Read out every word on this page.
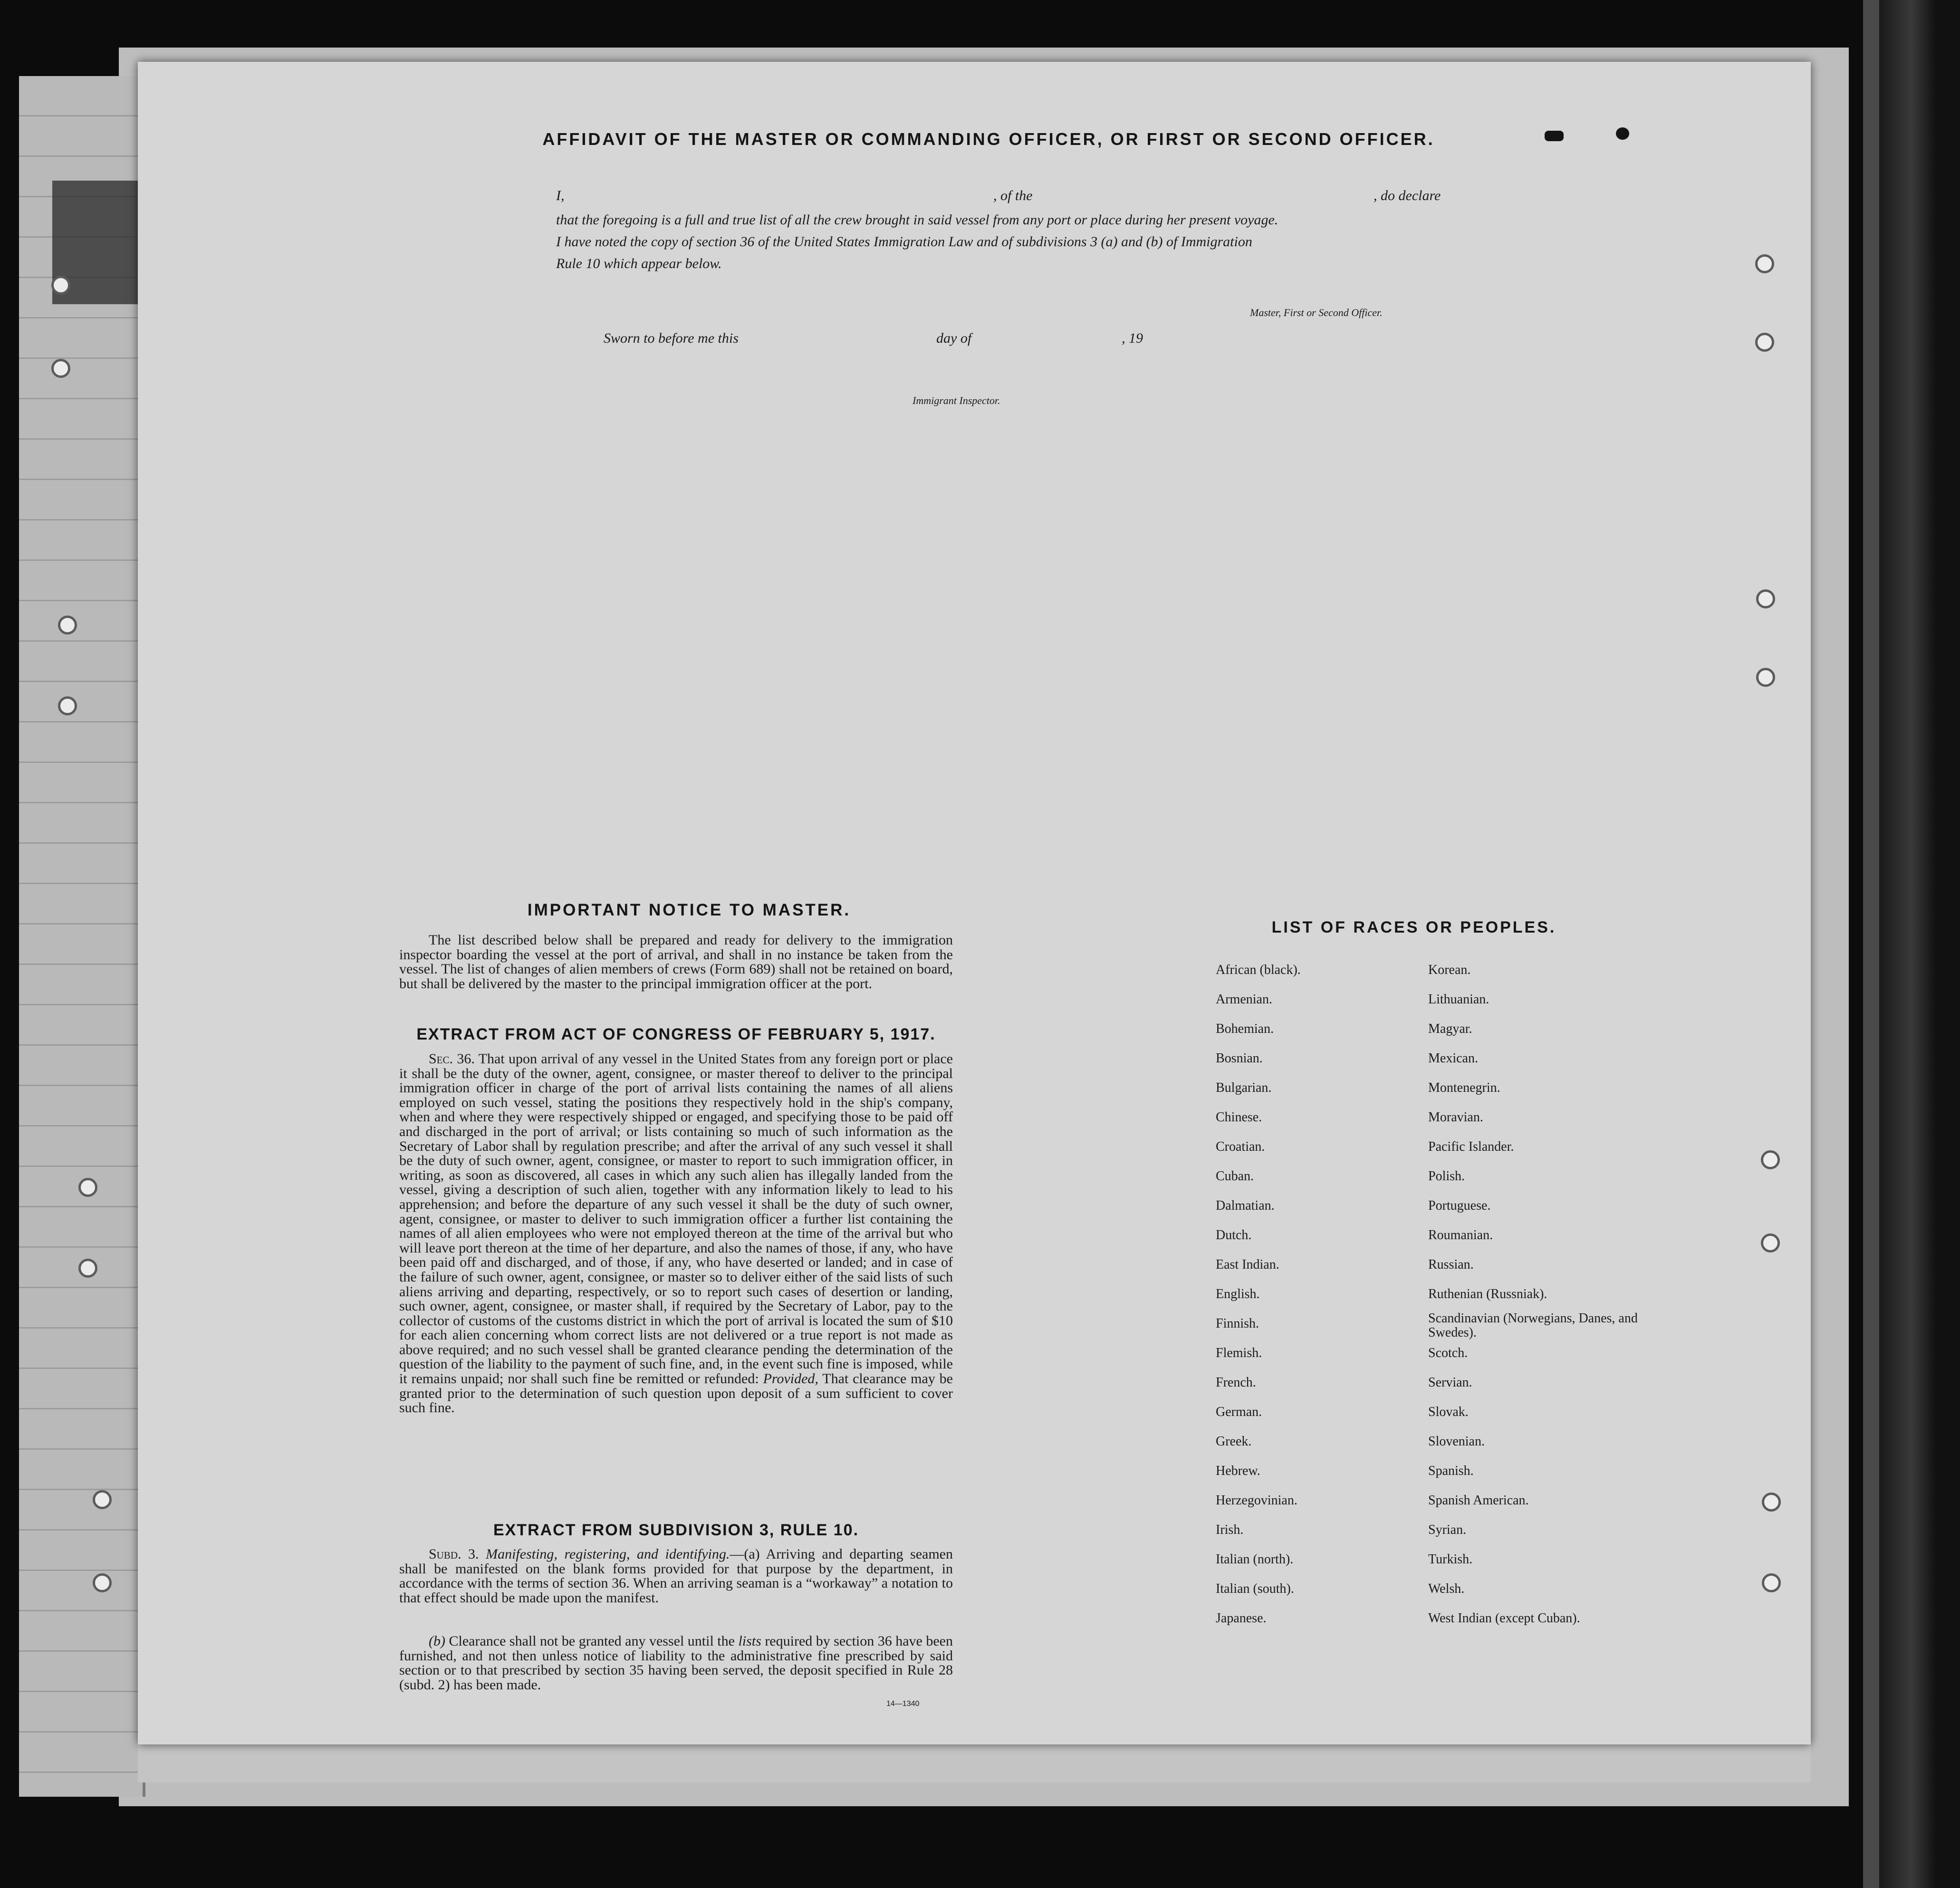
AFFIDAVIT OF THE MASTER OR COMMANDING OFFICER, OR FIRST OR SECOND OFFICER.
I,	, of the	, do declare
that the foregoing is a full and true list of all the crew brought in said vessel from any port or place during her present voyage.
I have noted the copy of section 36 of the United States Immigration Law and of subdivisions 3 (a) and (b) of Immigration
Rule 10 which appear below.
Master, First or Second Officer.
Sworn to before me this	day of	, 19
Immigrant Inspector.
IMPORTANT NOTICE TO MASTER.
The list described below shall be prepared and ready for delivery to the immigration inspector boarding the vessel at the port of arrival, and shall in no instance be taken from the vessel. The list of changes of alien members of crews (Form 689) shall not be retained on board, but shall be delivered by the master to the principal immigration officer at the port.
EXTRACT FROM ACT OF CONGRESS OF FEBRUARY 5, 1917.
Sec. 36. That upon arrival of any vessel in the United States from any foreign port or place it shall be the duty of the owner, agent, consignee, or master thereof to deliver to the principal immigration officer in charge of the port of arrival lists containing the names of all aliens employed on such vessel, stating the positions they respectively hold in the ship's company, when and where they were respectively shipped or engaged, and specifying those to be paid off and discharged in the port of arrival; or lists containing so much of such information as the Secretary of Labor shall by regulation prescribe; and after the arrival of any such vessel it shall be the duty of such owner, agent, consignee, or master to report to such immigration officer, in writing, as soon as discovered, all cases in which any such alien has illegally landed from the vessel, giving a description of such alien, together with any information likely to lead to his apprehension; and before the departure of any such vessel it shall be the duty of such owner, agent, consignee, or master to deliver to such immigration officer a further list containing the names of all alien employees who were not employed thereon at the time of the arrival but who will leave port thereon at the time of her departure, and also the names of those, if any, who have been paid off and discharged, and of those, if any, who have deserted or landed; and in case of the failure of such owner, agent, consignee, or master so to deliver either of the said lists of such aliens arriving and departing, respectively, or so to report such cases of desertion or landing, such owner, agent, consignee, or master shall, if required by the Secretary of Labor, pay to the collector of customs of the customs district in which the port of arrival is located the sum of $10 for each alien concerning whom correct lists are not delivered or a true report is not made as above required; and no such vessel shall be granted clearance pending the determination of the question of the liability to the payment of such fine, and, in the event such fine is imposed, while it remains unpaid; nor shall such fine be remitted or refunded: Provided, That clearance may be granted prior to the determination of such question upon deposit of a sum sufficient to cover such fine.
EXTRACT FROM SUBDIVISION 3, RULE 10.
Subd. 3. Manifesting, registering, and identifying.—(a) Arriving and departing seamen shall be manifested on the blank forms provided for that purpose by the department, in accordance with the terms of section 36. When an arriving seaman is a “workaway” a notation to that effect should be made upon the manifest.
(b) Clearance shall not be granted any vessel until the lists required by section 36 have been furnished, and not then unless notice of liability to the administrative fine prescribed by said section or to that prescribed by section 35 having been served, the deposit specified in Rule 28 (subd. 2) has been made.
14—1340
LIST OF RACES OR PEOPLES.
African (black).
Armenian.
Bohemian.
Bosnian.
Bulgarian.
Chinese.
Croatian.
Cuban.
Dalmatian.
Dutch.
East Indian.
English.
Finnish.
Flemish.
French.
German.
Greek.
Hebrew.
Herzegovinian.
Irish.
Italian (north).
Italian (south).
Japanese.
Korean.
Lithuanian.
Magyar.
Mexican.
Montenegrin.
Moravian.
Pacific Islander.
Polish.
Portuguese.
Roumanian.
Russian.
Ruthenian (Russniak).
Scandinavian (Norwegians, Danes, and Swedes).
Scotch.
Servian.
Slovak.
Slovenian.
Spanish.
Spanish American.
Syrian.
Turkish.
Welsh.
West Indian (except Cuban).
